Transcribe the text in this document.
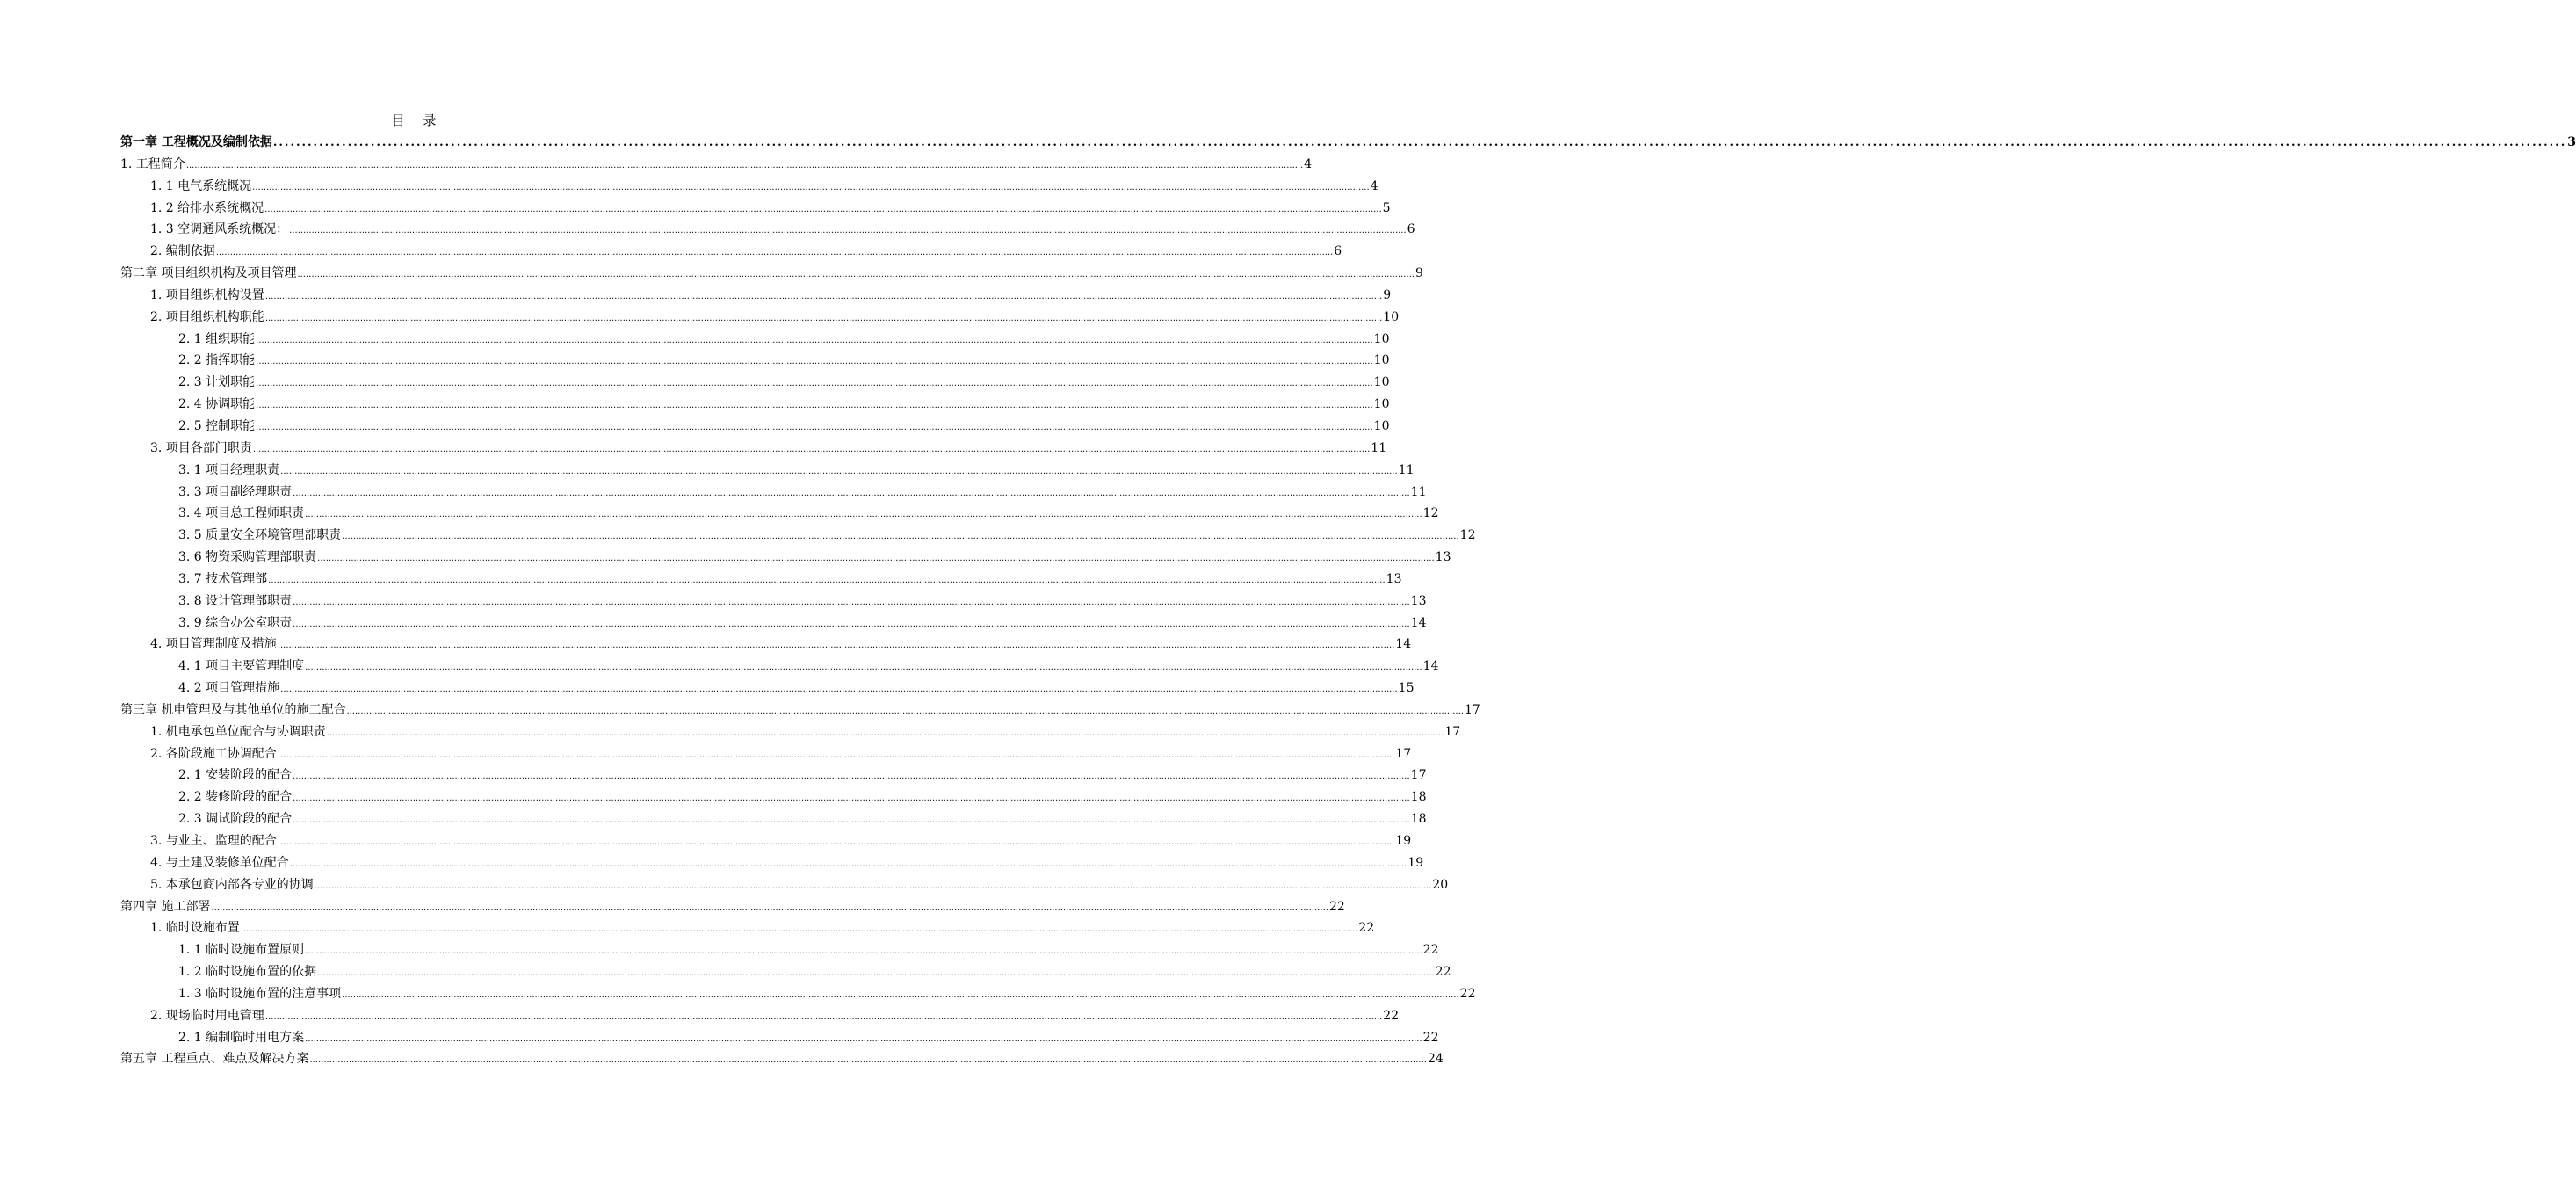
目 录
第一章 工程概况及编制依据 ................................................................................................................................................................................................................................................................................................................................................................................................................ 3
1. 工程简介 ................................................................................................................................................................................................................................................................................................................................................................................................................ 4
1. 1 电气系统概况 ................................................................................................................................................................................................................................................................................................................................................................................................................ 4
1. 2 给排水系统概况 ................................................................................................................................................................................................................................................................................................................................................................................................................ 5
1. 3 空调通风系统概况： ................................................................................................................................................................................................................................................................................................................................................................................................................ 6
2. 编制依据 ................................................................................................................................................................................................................................................................................................................................................................................................................ 6
第二章 项目组织机构及项目管理 ................................................................................................................................................................................................................................................................................................................................................................................................................ 9
1. 项目组织机构设置 ................................................................................................................................................................................................................................................................................................................................................................................................................ 9
2. 项目组织机构职能 ................................................................................................................................................................................................................................................................................................................................................................................................................ 10
2. 1 组织职能 ................................................................................................................................................................................................................................................................................................................................................................................................................ 10
2. 2 指挥职能 ................................................................................................................................................................................................................................................................................................................................................................................................................ 10
2. 3 计划职能 ................................................................................................................................................................................................................................................................................................................................................................................................................ 10
2. 4 协调职能 ................................................................................................................................................................................................................................................................................................................................................................................................................ 10
2. 5 控制职能 ................................................................................................................................................................................................................................................................................................................................................................................................................ 10
3. 项目各部门职责 ................................................................................................................................................................................................................................................................................................................................................................................................................ 11
3. 1 项目经理职责 ................................................................................................................................................................................................................................................................................................................................................................................................................ 11
3. 3 项目副经理职责 ................................................................................................................................................................................................................................................................................................................................................................................................................ 11
3. 4 项目总工程师职责 ................................................................................................................................................................................................................................................................................................................................................................................................................ 12
3. 5 质量安全环境管理部职责 ................................................................................................................................................................................................................................................................................................................................................................................................................ 12
3. 6 物资采购管理部职责 ................................................................................................................................................................................................................................................................................................................................................................................................................ 13
3. 7 技术管理部 ................................................................................................................................................................................................................................................................................................................................................................................................................ 13
3. 8 设计管理部职责 ................................................................................................................................................................................................................................................................................................................................................................................................................ 13
3. 9 综合办公室职责 ................................................................................................................................................................................................................................................................................................................................................................................................................ 14
4. 项目管理制度及措施 ................................................................................................................................................................................................................................................................................................................................................................................................................ 14
4. 1 项目主要管理制度 ................................................................................................................................................................................................................................................................................................................................................................................................................ 14
4. 2 项目管理措施 ................................................................................................................................................................................................................................................................................................................................................................................................................ 15
第三章 机电管理及与其他单位的施工配合 ................................................................................................................................................................................................................................................................................................................................................................................................................ 17
1. 机电承包单位配合与协调职责 ................................................................................................................................................................................................................................................................................................................................................................................................................ 17
2. 各阶段施工协调配合 ................................................................................................................................................................................................................................................................................................................................................................................................................ 17
2. 1 安装阶段的配合 ................................................................................................................................................................................................................................................................................................................................................................................................................ 17
2. 2 装修阶段的配合 ................................................................................................................................................................................................................................................................................................................................................................................................................ 18
2. 3 调试阶段的配合 ................................................................................................................................................................................................................................................................................................................................................................................................................ 18
3. 与业主、监理的配合 ................................................................................................................................................................................................................................................................................................................................................................................................................ 19
4. 与土建及装修单位配合 ................................................................................................................................................................................................................................................................................................................................................................................................................ 19
5. 本承包商内部各专业的协调 ................................................................................................................................................................................................................................................................................................................................................................................................................ 20
第四章 施工部署 ................................................................................................................................................................................................................................................................................................................................................................................................................ 22
1. 临时设施布置 ................................................................................................................................................................................................................................................................................................................................................................................................................ 22
1. 1 临时设施布置原则 ................................................................................................................................................................................................................................................................................................................................................................................................................ 22
1. 2 临时设施布置的依据 ................................................................................................................................................................................................................................................................................................................................................................................................................ 22
1. 3 临时设施布置的注意事项 ................................................................................................................................................................................................................................................................................................................................................................................................................ 22
2. 现场临时用电管理 ................................................................................................................................................................................................................................................................................................................................................................................................................ 22
2. 1 编制临时用电方案 ................................................................................................................................................................................................................................................................................................................................................................................................................ 22
第五章 工程重点、难点及解决方案 ................................................................................................................................................................................................................................................................................................................................................................................................................ 24
